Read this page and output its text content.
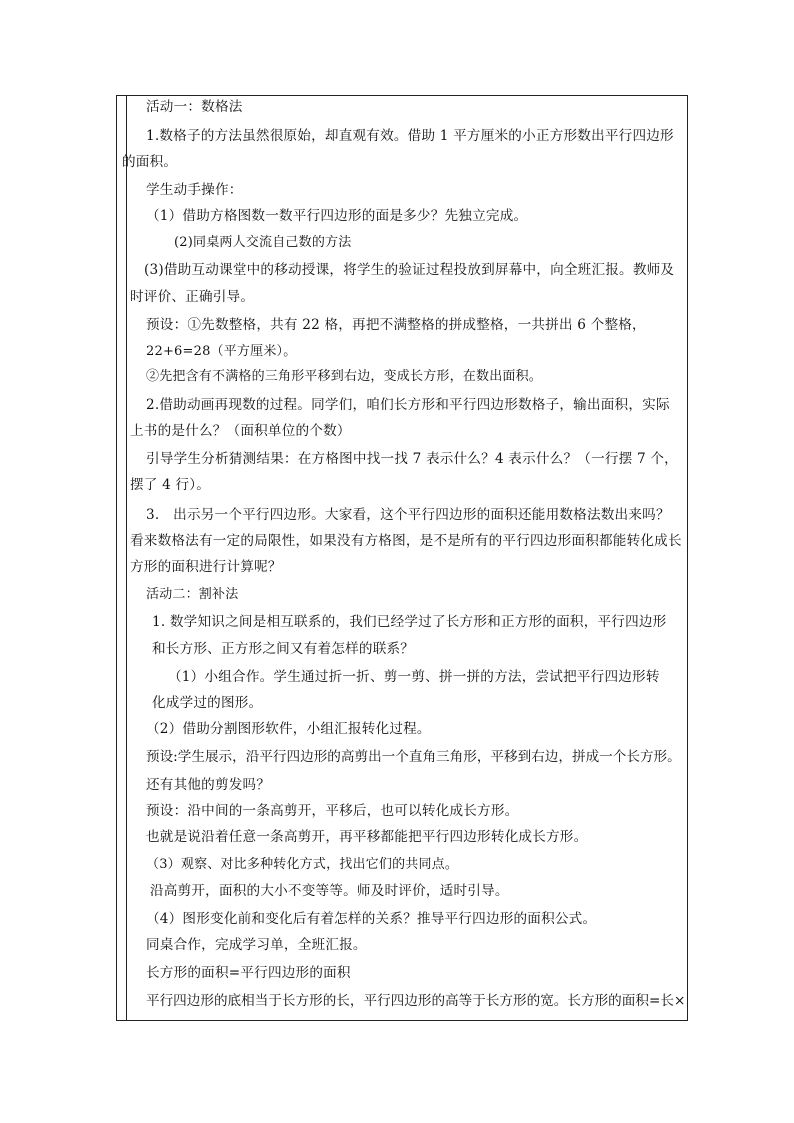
活动一：数格法
1.数格子的方法虽然很原始，却直观有效。借助 1 平方厘米的小正方形数出平行四边形
的面积。
学生动手操作：
（1）借助方格图数一数平行四边形的面是多少？先独立完成。
(2)同桌两人交流自己数的方法
(3)借助互动课堂中的移动授课，将学生的验证过程投放到屏幕中，向全班汇报。教师及
时评价、正确引导。
预设：①先数整格，共有 22 格，再把不满整格的拼成整格，一共拼出 6 个整格，
22+6=28（平方厘米）。
②先把含有不满格的三角形平移到右边，变成长方形，在数出面积。
2.借助动画再现数的过程。同学们，咱们长方形和平行四边形数格子，输出面积，实际
上书的是什么？（面积单位的个数）
引导学生分析猜测结果：在方格图中找一找 7 表示什么？4 表示什么？（一行摆 7 个，
摆了 4 行）。
3.　出示另一个平行四边形。大家看，这个平行四边形的面积还能用数格法数出来吗？
看来数格法有一定的局限性，如果没有方格图，是不是所有的平行四边形面积都能转化成长
方形的面积进行计算呢？
活动二：割补法
1. 数学知识之间是相互联系的，我们已经学过了长方形和正方形的面积，平行四边形
和长方形、正方形之间又有着怎样的联系？
（1）小组合作。学生通过折一折、剪一剪、拼一拼的方法，尝试把平行四边形转
化成学过的图形。
（2）借助分割图形软件，小组汇报转化过程。
预设:学生展示，沿平行四边形的高剪出一个直角三角形，平移到右边，拼成一个长方形。
还有其他的剪发吗？
预设：沿中间的一条高剪开，平移后，也可以转化成长方形。
也就是说沿着任意一条高剪开，再平移都能把平行四边形转化成长方形。
（3）观察、对比多种转化方式，找出它们的共同点。
沿高剪开，面积的大小不变等等。师及时评价，适时引导。
（4）图形变化前和变化后有着怎样的关系？推导平行四边形的面积公式。
同桌合作，完成学习单，全班汇报。
长方形的面积=平行四边形的面积
平行四边形的底相当于长方形的长，平行四边形的高等于长方形的宽。长方形的面积=长×
